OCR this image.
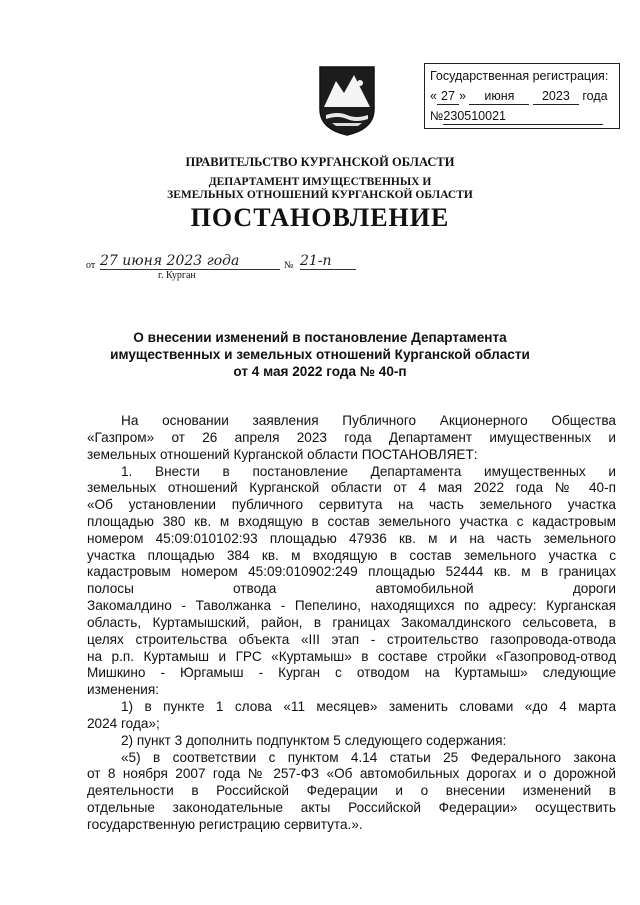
Государственная регистрация:
« 27 » июня 2023 года
№230510021
ПРАВИТЕЛЬСТВО КУРГАНСКОЙ ОБЛАСТИ
ДЕПАРТАМЕНТ ИМУЩЕСТВЕННЫХ И
ЗЕМЕЛЬНЫХ ОТНОШЕНИЙ КУРГАНСКОЙ ОБЛАСТИ
ПОСТАНОВЛЕНИЕ
от 27 июня 2023 года	№ 21-п
г. Курган
О внесении изменений в постановление Департамента
имущественных и земельных отношений Курганской области
от 4 мая 2022 года № 40-п
На основании заявления Публичного Акционерного Общества
«Газпром» от 26 апреля 2023 года Департамент имущественных и
земельных отношений Курганской области ПОСТАНОВЛЯЕТ:
1. Внести в постановление Департамента имущественных и
земельных отношений Курганской области от 4 мая 2022 года № 40-п
«Об установлении публичного сервитута на часть земельного участка
площадью 380 кв. м входящую в состав земельного участка с кадастровым
номером 45:09:010102:93 площадью 47936 кв. м и на часть земельного
участка площадью 384 кв. м входящую в состав земельного участка с
кадастровым номером 45:09:010902:249 площадью 52444 кв. м в границах
полосы отвода автомобильной дороги
Закомалдино - Таволжанка - Пепелино, находящихся по адресу: Курганская
область, Куртамышский, район, в границах Закомалдинского сельсовета, в
целях строительства объекта «III этап - строительство газопровода-отвода
на р.п. Куртамыш и ГРС «Куртамыш» в составе стройки «Газопровод-отвод
Мишкино - Юргамыш - Курган с отводом на Куртамыш» следующие
изменения:
1) в пункте 1 слова «11 месяцев» заменить словами «до 4 марта
2024 года»;
2) пункт 3 дополнить подпунктом 5 следующего содержания:
«5) в соответствии с пунктом 4.14 статьи 25 Федерального закона
от 8 ноября 2007 года № 257-ФЗ «Об автомобильных дорогах и о дорожной
деятельности в Российской Федерации и о внесении изменений в
отдельные законодательные акты Российской Федерации» осуществить
государственную регистрацию сервитута.».
